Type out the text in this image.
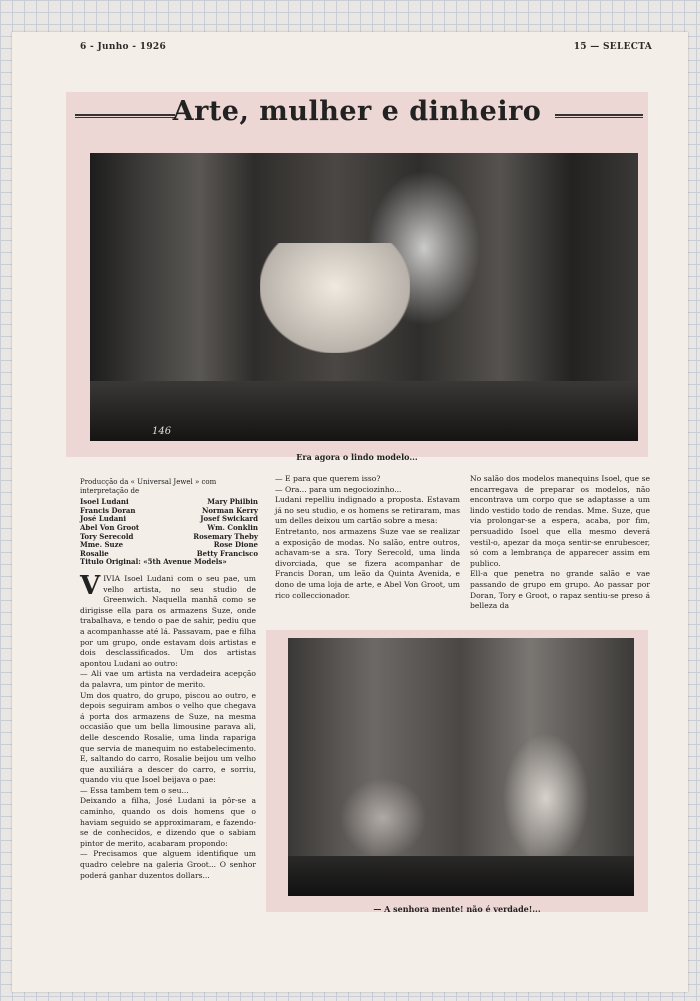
6 - Junho - 1926	15 — SELECTA
Arte, mulher e dinheiro
146
Era agora o lindo modelo...
Producção da « Universal Jewel » com interpretação de
Isoel Ludani	Mary Philbin
Francis Doran	Norman Kerry
José Ludani	Josef Swickard
Abel Von Groot	Wm. Conklin
Tory Serecold	Rosemary Theby
Mme. Suze	Rose Dione
Rosalie	Betty Francisco
Titulo Original: «5th Avenue Models»

VIVIA Isoel Ludani com o seu pae, um velho artista, no seu studio de Greenwich. Naquella manhã como se dirigisse ella para os armazens Suze, onde trabalhava, e tendo o pae de sahir, pediu que a acompanhasse até lá. Passavam, pae e filha por um grupo, onde estavam dois artistas e dois desclassificados. Um dos artistas apontou Ludani ao outro:

— Ali vae um artista na verdadeira acepção da palavra, um pintor de merito.

Um dos quatro, do grupo, piscou ao outro, e depois seguiram ambos o velho que chegava á porta dos armazens de Suze, na mesma occasião que um bella limousine parava ali, delle descendo Rosalie, uma linda rapariga que servia de manequim no estabelecimento. E, saltando do carro, Rosalie beijou um velho que auxiliára a descer do carro, e sorriu, quando viu que Isoel beijava o pae:

— Essa tambem tem o seu...

Deixando a filha, José Ludani ia pôr-se a caminho, quando os dois homens que o haviam seguido se approximaram, e fazendo-se de conhecidos, e dizendo que o sabiam pintor de merito, acabaram propondo:

— Precisamos que alguem identifique um quadro celebre na galeria Groot... O senhor poderá ganhar duzentos dollars...

— E para que querem isso?

— Ora... para um negociozinho...

Ludani repelliu indignado a proposta. Estavam já no seu studio, e os homens se retiraram, mas um delles deixou um cartão sobre a mesa:

Entretanto, nos armazens Suze vae se realizar a exposição de modas. No salão, entre outros, achavam-se a sra. Tory Serecold, uma linda divorciada, que se fizera acompanhar de Francis Doran, um leão da Quinta Avenida, e dono de uma loja de arte, e Abel Von Groot, um rico colleccionador.

No salão dos modelos manequins Isoel, que se encarregava de preparar os modelos, não encontrava um corpo que se adaptasse a um lindo vestido todo de rendas. Mme. Suze, que via prolongar-se a espera, acaba, por fim, persuadido Isoel que ella mesmo deverá vestil-o, apezar da moça sentir-se enrubescer, só com a lembrança de apparecer assim em publico.

Ell-a que penetra no grande salão e vae passando de grupo em grupo. Ao passar por Doran, Tory e Groot, o rapaz sentiu-se preso á belleza da

— A senhora mente! não é verdade!...
